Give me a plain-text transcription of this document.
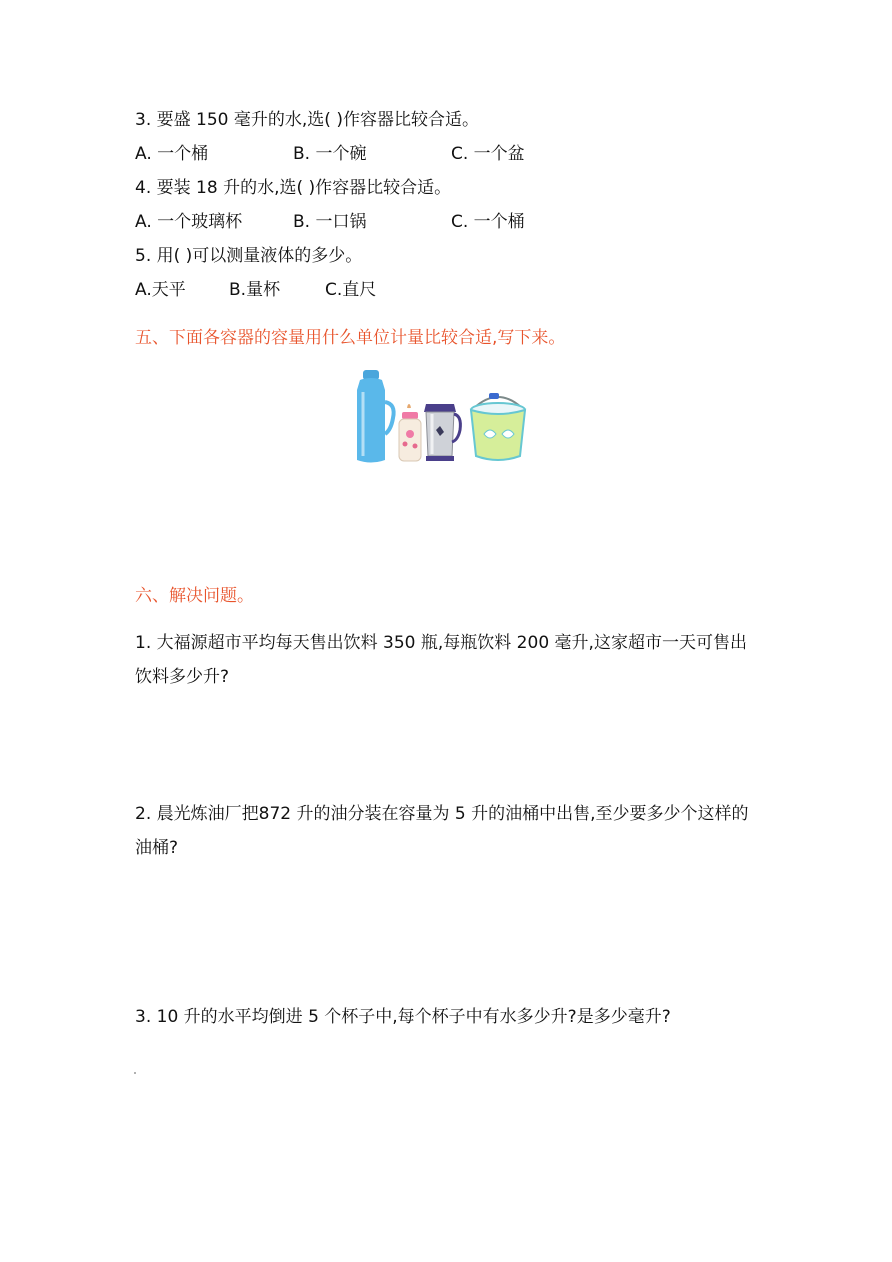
3. 要盛 150 毫升的水,选( )作容器比较合适。
A. 一个桶	B. 一个碗	C. 一个盆
4. 要装 18 升的水,选( )作容器比较合适。
A. 一个玻璃杯	B. 一口锅	C. 一个桶
5. 用( )可以测量液体的多少。
A.天平	B.量杯	C.直尺
五、下面各容器的容量用什么单位计量比较合适,写下来。
六、解决问题。
1. 大福源超市平均每天售出饮料 350 瓶,每瓶饮料 200 毫升,这家超市一天可售出饮料多少升?
2. 晨光炼油厂把872 升的油分装在容量为 5 升的油桶中出售,至少要多少个这样的油桶?
3. 10 升的水平均倒进 5 个杯子中,每个杯子中有水多少升?是多少毫升?
